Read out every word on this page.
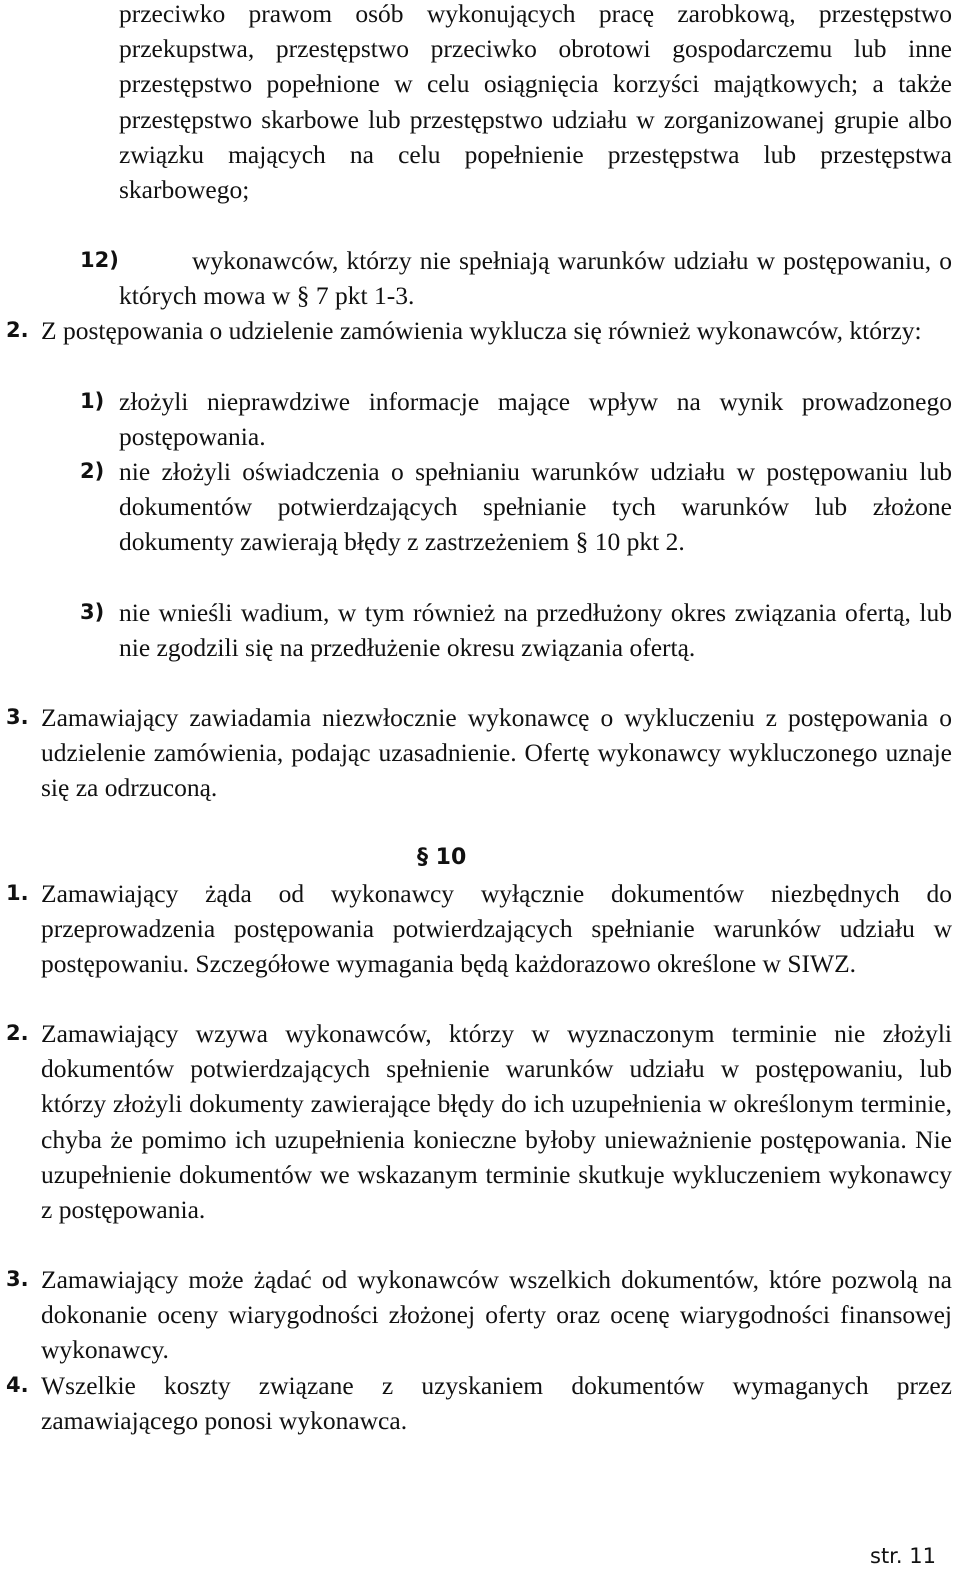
przeciwko prawom osób wykonujących pracę zarobkową, przestępstwo przekupstwa, przestępstwo przeciwko obrotowi gospodarczemu lub inne przestępstwo popełnione w celu osiągnięcia korzyści majątkowych; a także przestępstwo skarbowe lub przestępstwo udziału w zorganizowanej grupie albo związku mających na celu popełnienie przestępstwa lub przestępstwa skarbowego;

12)	wykonawców, którzy nie spełniają warunków udziału w postępowaniu, o których mowa w § 7 pkt 1-3.

2. Z postępowania o udzielenie zamówienia wyklucza się również wykonawców, którzy:

1) złożyli nieprawdziwe informacje mające wpływ na wynik prowadzonego postępowania.

2) nie złożyli oświadczenia o spełnianiu warunków udziału w postępowaniu lub dokumentów potwierdzających spełnianie tych warunków lub złożone dokumenty zawierają błędy z zastrzeżeniem § 10 pkt 2.

3) nie wnieśli wadium, w tym również na przedłużony okres związania ofertą, lub nie zgodzili się na przedłużenie okresu związania ofertą.

3. Zamawiający zawiadamia niezwłocznie wykonawcę o wykluczeniu z postępowania o udzielenie zamówienia, podając uzasadnienie. Ofertę wykonawcy wykluczonego uznaje się za odrzuconą.

§ 10
1. Zamawiający żąda od wykonawcy wyłącznie dokumentów niezbędnych do przeprowadzenia postępowania potwierdzających spełnianie warunków udziału w postępowaniu. Szczegółowe wymagania będą każdorazowo określone w SIWZ.

2. Zamawiający wzywa wykonawców, którzy w wyznaczonym terminie nie złożyli dokumentów potwierdzających spełnienie warunków udziału w postępowaniu, lub którzy złożyli dokumenty zawierające błędy do ich uzupełnienia w określonym terminie, chyba że pomimo ich uzupełnienia konieczne byłoby unieważnienie postępowania. Nie uzupełnienie dokumentów we wskazanym terminie skutkuje wykluczeniem wykonawcy z postępowania.

3. Zamawiający może żądać od wykonawców wszelkich dokumentów, które pozwolą na dokonanie oceny wiarygodności złożonej oferty oraz ocenę wiarygodności finansowej wykonawcy.

4. Wszelkie koszty związane z uzyskaniem dokumentów wymaganych przez zamawiającego ponosi wykonawca.

str. 11
